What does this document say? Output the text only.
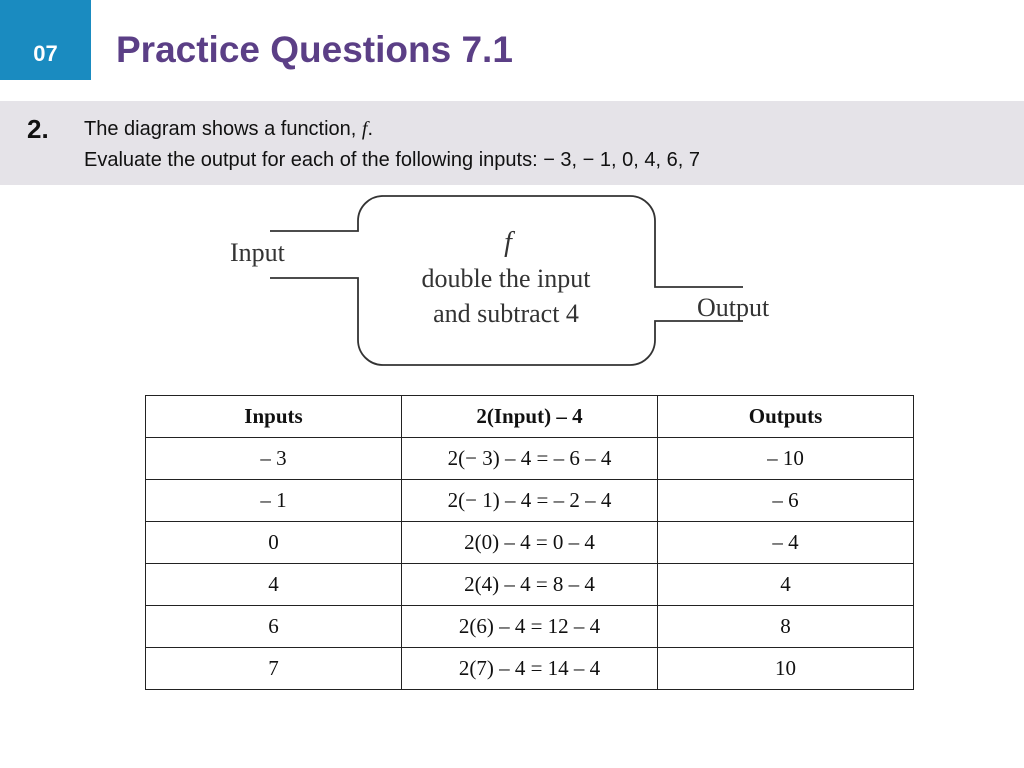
07	Practice Questions 7.1
2. The diagram shows a function, f.
Evaluate the output for each of the following inputs: − 3, − 1, 0, 4, 6, 7
Input
Output
f
double the input
and subtract 4
Inputs	2(Input) – 4	Outputs
– 3	2(− 3) – 4 = – 6 – 4	– 10
– 1	2(− 1) – 4 = – 2 – 4	– 6
0	2(0) – 4 = 0 – 4	– 4
4	2(4) – 4 = 8 – 4	4
6	2(6) – 4 = 12 – 4	8
7	2(7) – 4 = 14 – 4	10
